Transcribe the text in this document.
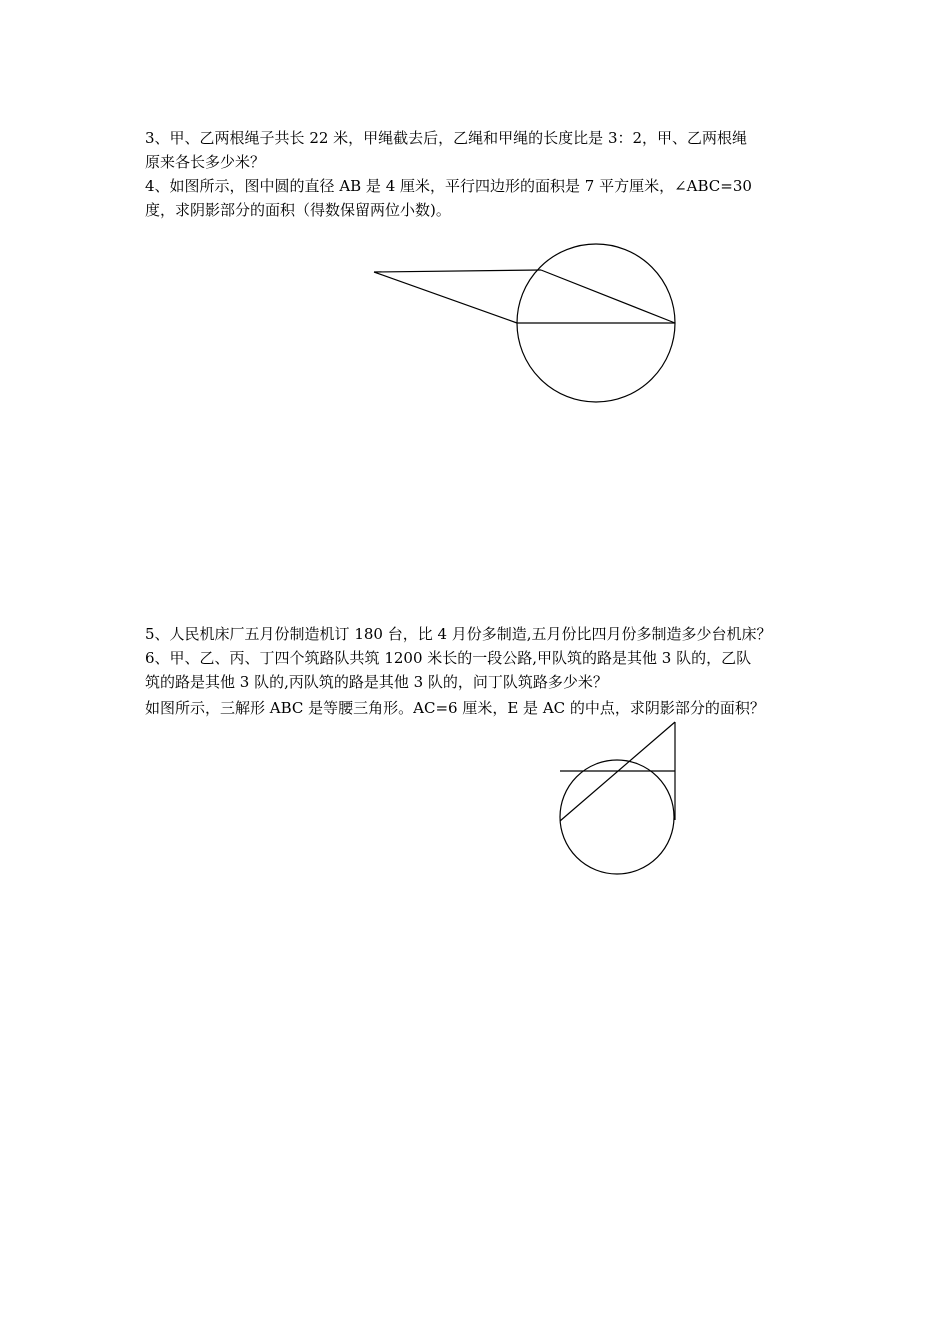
3、甲、乙两根绳子共长 22 米，甲绳截去后，乙绳和甲绳的长度比是 3：2，甲、乙两根绳
原来各长多少米？
4、如图所示，图中圆的直径 AB 是 4 厘米，平行四边形的面积是 7 平方厘米，∠ABC=30
度，求阴影部分的面积（得数保留两位小数)。
5、人民机床厂五月份制造机订 180 台，比 4 月份多制造,五月份比四月份多制造多少台机床？
6、甲、乙、丙、丁四个筑路队共筑 1200 米长的一段公路,甲队筑的路是其他 3 队的，乙队
筑的路是其他 3 队的,丙队筑的路是其他 3 队的，问丁队筑路多少米？
如图所示，三解形 ABC 是等腰三角形。AC=6 厘米，E 是 AC 的中点，求阴影部分的面积？
